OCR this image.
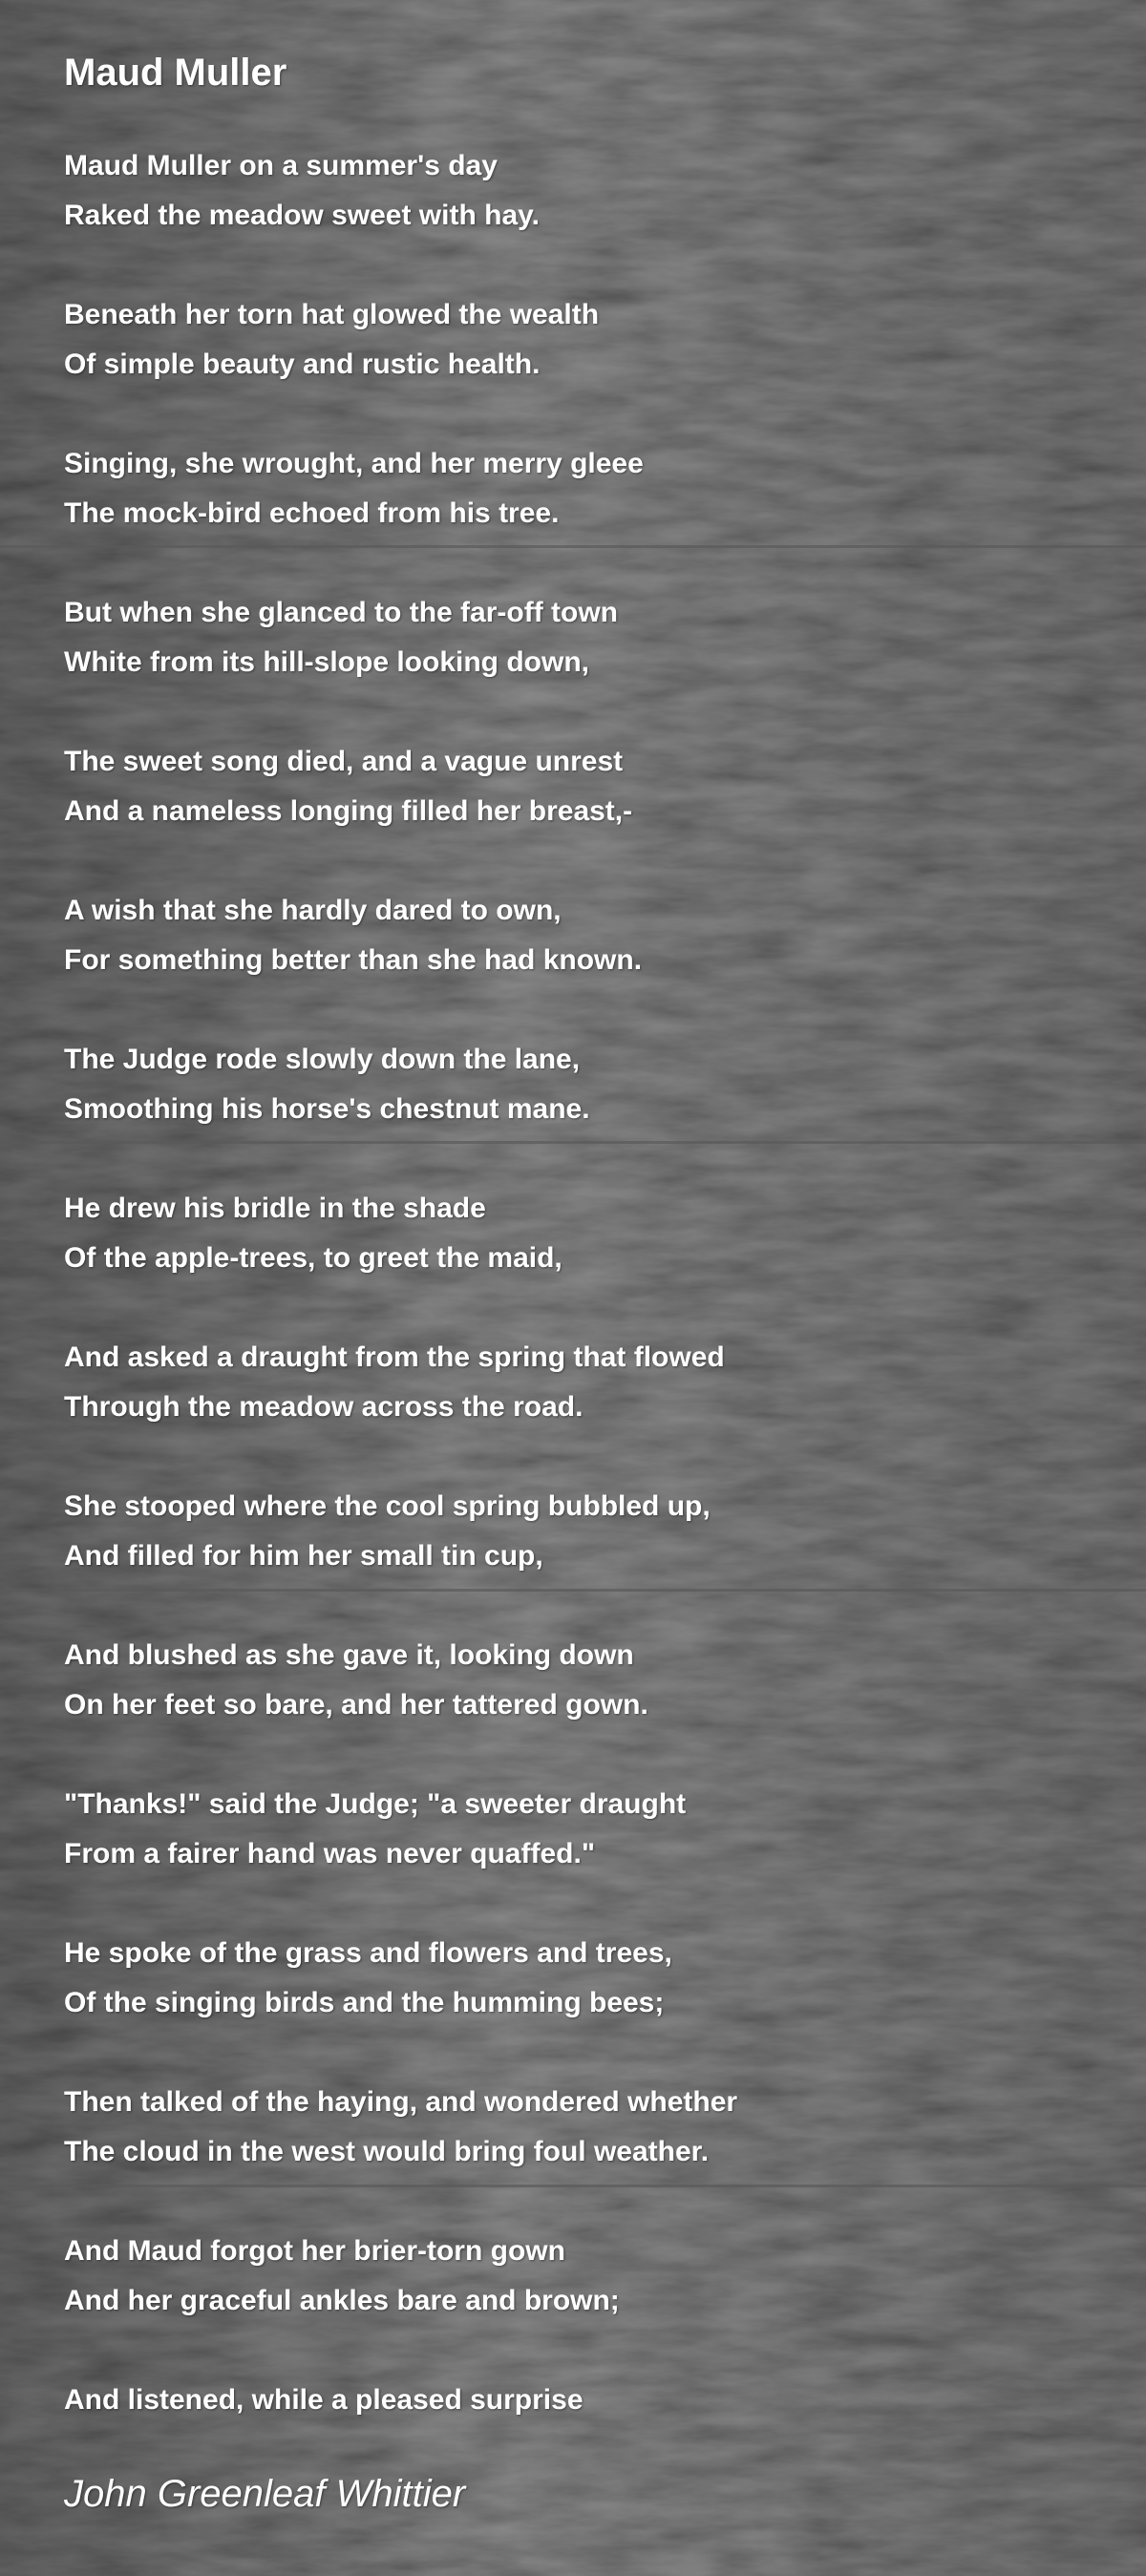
Maud Muller
Maud Muller on a summer's day
Raked the meadow sweet with hay.
Beneath her torn hat glowed the wealth
Of simple beauty and rustic health.
Singing, she wrought, and her merry gleee
The mock-bird echoed from his tree.
But when she glanced to the far-off town
White from its hill-slope looking down,
The sweet song died, and a vague unrest
And a nameless longing filled her breast,-
A wish that she hardly dared to own,
For something better than she had known.
The Judge rode slowly down the lane,
Smoothing his horse's chestnut mane.
He drew his bridle in the shade
Of the apple-trees, to greet the maid,
And asked a draught from the spring that flowed
Through the meadow across the road.
She stooped where the cool spring bubbled up,
And filled for him her small tin cup,
And blushed as she gave it, looking down
On her feet so bare, and her tattered gown.
"Thanks!" said the Judge; "a sweeter draught
From a fairer hand was never quaffed."
He spoke of the grass and flowers and trees,
Of the singing birds and the humming bees;
Then talked of the haying, and wondered whether
The cloud in the west would bring foul weather.
And Maud forgot her brier-torn gown
And her graceful ankles bare and brown;
And listened, while a pleased surprise
John Greenleaf Whittier
